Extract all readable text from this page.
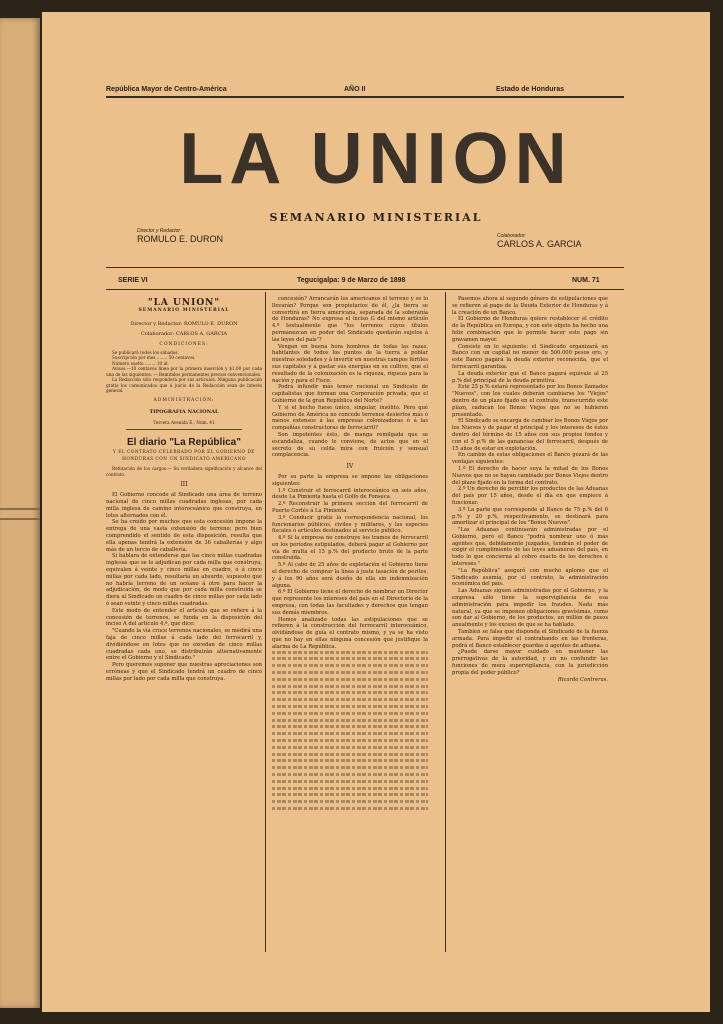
República Mayor de Centro-América	AÑO II	Estado de Honduras
LA UNION
SEMANARIO MINISTERIAL
Director y Redactor:
ROMULO E. DURON	Colaborador:
CARLOS A. GARCIA
SERIE VI	Tegucigalpa: 9 de Marzo de 1898	NUM. 71
"LA UNION"
SEMANARIO MINISTERIAL
Director y Redactor: ROMULO E. DURON
Colaborador: CARLOS A. GARCIA
CONDICIONES:

Se publicará todos los sábados.

Suscripción por mes ........ 50 centavos.

Número suelto ........ 10 id.

Avisos.—10 centavos línea por la primera inserción y $1.00 por cada una de las siguientes. — Remitidos permanentes precios convencionales.

La Redacción sólo responderá por sus artículos. Ninguna publicación gratis los comunicados que á juicio de la Redacción sean de interés general.

ADMINISTRACIÓN:
TIPOGRAFIA NACIONAL
Tercera Avenida E., Núm. 41
El diario "La República"
Y EL CONTRATO CELEBRADO POR EL GOBIERNO DE HONDURAS CON UN SINDICATO AMERICANO

Refutación de los cargos.— Su verdadera significación y alcance del contrato.

III

El Gobierno concede al Sindicado una área de terreno nacional de cinco millas cuadradas inglesas, por cada milla inglesa de camino interoceánico que construya, en lotes alternados con él.

Se ha creído por muchos que esta concesión impone la entrega de una vasta extensión de terreno; pero bien comprendido el sentido de esta disposición, resulta que ella apenas tendrá la extensión de 36 caballerías y algo más de un tercio de caballería.

Si hablara de entenderse que las cinco millas cuadradas inglesas que se le adjudican por cada milla que construya, equivalen á veinte y cinco millas en cuadro, ó á cinco millas por cada lado, resultaría un absurdo, supuesto que no habría terreno de un océano á otro para hacer la adjudicación, de modo que por cada milla construida se diera al Sindicado un cuadro de cinco millas por cada lado ó sean veinte y cinco millas cuadradas.

Este modo de entender el artículo que se refiere á la concesión de terrenos, se funda en la disposición del inciso A del artículo 4.º, que dice:

"Cuando la vía cruce terrenos nacionales, se medirá una faja de cinco millas á cada lado del ferrocarril y, dividiéndose en lotes que no excedan de cinco millas cuadradas cada uno, se distribuirán alternativamente entre el Gobierno y el Sindicado."

Pero queremos suponer que nuestras apreciaciones son erróneas y que el Sindicado tendrá un cuadro de cinco millas por lado por cada milla que construya.

concesión? Arrancarán los americanos el terreno y se lo llevarán? Porque son propietarios de él, ¿la tierra se convertirá en tierra americana, separada de la soberanía de Honduras? No expresa el inciso G del mismo artículo 4.º textualmente que "los terrenos cuyos títulos permanezcan en poder del Sindicado quedarán sujetos á las leyes del país"?

Vengan en buena hora hombres de todas las razas, habitantes de todos los puntos de la tierra á poblar nuestras soledades y á invertir en nuestras campos fértiles sus capitales y á gastar sus energías en su cultivo, que el resultado de la colonización es la riqueza, riqueza para la nación y para el Fisco.

Podrá infundir más temor racional un Sindicato de capitalistas que forman una Corporación privada, que el Gobierno de la gran República del Norte?

Y si el hecho fuese único, singular, insólito. Pero qué Gobierno de América no concede terrenos desiertos más ó menos extensos á las empresas colonizadoras ó á las compañías constructoras de ferrocarril?

Son impotentes ésto, de manga remilgada que se escandaliza, cuando le conviene, de actos que en el secreto de su celda mira con fruición y sensual complacencia.

IV

Por su parte la empresa se impone las obligaciones siguientes:

1.º Construir el ferrocarril interoceánico en seis años, desde La Pimienta hasta el Golfo de Fonseca.

2.º Reconstruir la primera sección del ferrocarril de Puerto Cortés á La Pimienta.

3.º Conducir gratis la correspondencia nacional, los funcionarios públicos, civiles y militares, y las especies fiscales ó artículos destinados al servicio público.

4.º Si la empresa no construye los tramos de ferrocarril en los períodos estipulados, deberá pagar al Gobierno por vía de multa el 15 p.% del producto bruto de la parte construída.

5.º Al cabo de 25 años de explotación el Gobierno tiene el derecho de comprar la línea á justa tasación de peritos, y á los 90 años será dueño de ella sin indemnización alguna.

6.º El Gobierno tiene el derecho de nombrar un Director que represente los intereses del país en el Directorio de la empresa, con todas las facultades y derechos que tengan sus demás miembros.

Hemos analizado todas las estipulaciones que se refieren á la construcción del ferrocarril interoceánico, olvidándose de guía el contrato mismo, y ya se ha visto que no hay en ellas ninguna concesión que justifique la alarma de La República.

Pasemos ahora al segundo género de estipulaciones que se refieren al pago de la Deuda Exterior de Honduras y á la creación de un Banco.

El Gobierno de Honduras quiere restablecer el crédito de la República en Europa, y con este objeto ha hecho una feliz combinación que le permite hacer este pago sin gravamen mayor.

Consiste en lo siguiente: el Sindicado organizará un Banco con un capital no menor de 500.000 pesos oro, y este Banco pagará la deuda exterior reconocida, que el ferrocarril garantiza.

La deuda exterior que el Banco pagará equivale al 25 p.% del principal de la deuda primitiva.

Este 25 p.% estará representado por los Bonos llamados "Nuevos", con los cuales deberán cambiarse los "Viejos" dentro de un plazo fijado en el contrato, transcurrido este plazo, caducan los Bonos Viejos que no se hubieren presentado.

El Sindicado se encarga de cambiar los Bonos Viejos por los Nuevos y de pagar el principal y los intereses de éstos dentro del término de 15 años con sus propios fondos y con el 5 p.% de las ganancias del ferrocarril, después de 15 años de estar en explotación.

En cambio de estas obligaciones el Banco gozará de las ventajas siguientes:

1.º El derecho de hacer suya la mitad de los Bonos Nuevos que no se hayan cambiado por Bonos Viejos dentro del plazo fijado en la forma del contrato.

2.º Un derecho de percibir los productos de las Aduanas del país por 15 años, desde el día en que empiece á funcionar.

3.º La parte que corresponde al Banco de 75 p.% del 6 p.% y 20 p.%, respectivamente, se destinará para amortizar el principal de los "Bonos Nuevos".

"Las Aduanas continuarán administradas por el Gobierno, pero el Banco "podrá nombrar uno ó más agentes que, debidamente juzgados, tendrán el poder de exigir el cumplimiento de las leyes aduaneras del país, en todo lo que concierna al cobro exacto de los derechos é intereses."

"La República" aseguró con mucho aplomo que el Sindicado asumía, por el contrato, la administración económica del país.

Las Aduanas siguen administradas por el Gobierno, y la empresa sólo tiene la supervigilancia de esa administración para impedir los fraudes. Nada más natural, ya que se imponen obligaciones gravísimas, como son dar al Gobierno, de los productos, un millón de pesos anualmente y los exceso de que se ha hablado.

Tambien se falsa que disponda el Sindicado de la fuerza armada. Para impedir el contrabando en las fronteras, podrá el Banco establecer guardas ó agentes de aduana.

¿Puede darse mayor cuidado en mantener las prerrogativas de la autoridad, y en no confundir las funciones de mera supervigilancia, con la jurisdicción propia del poder público?

Ricardo Contreras.
